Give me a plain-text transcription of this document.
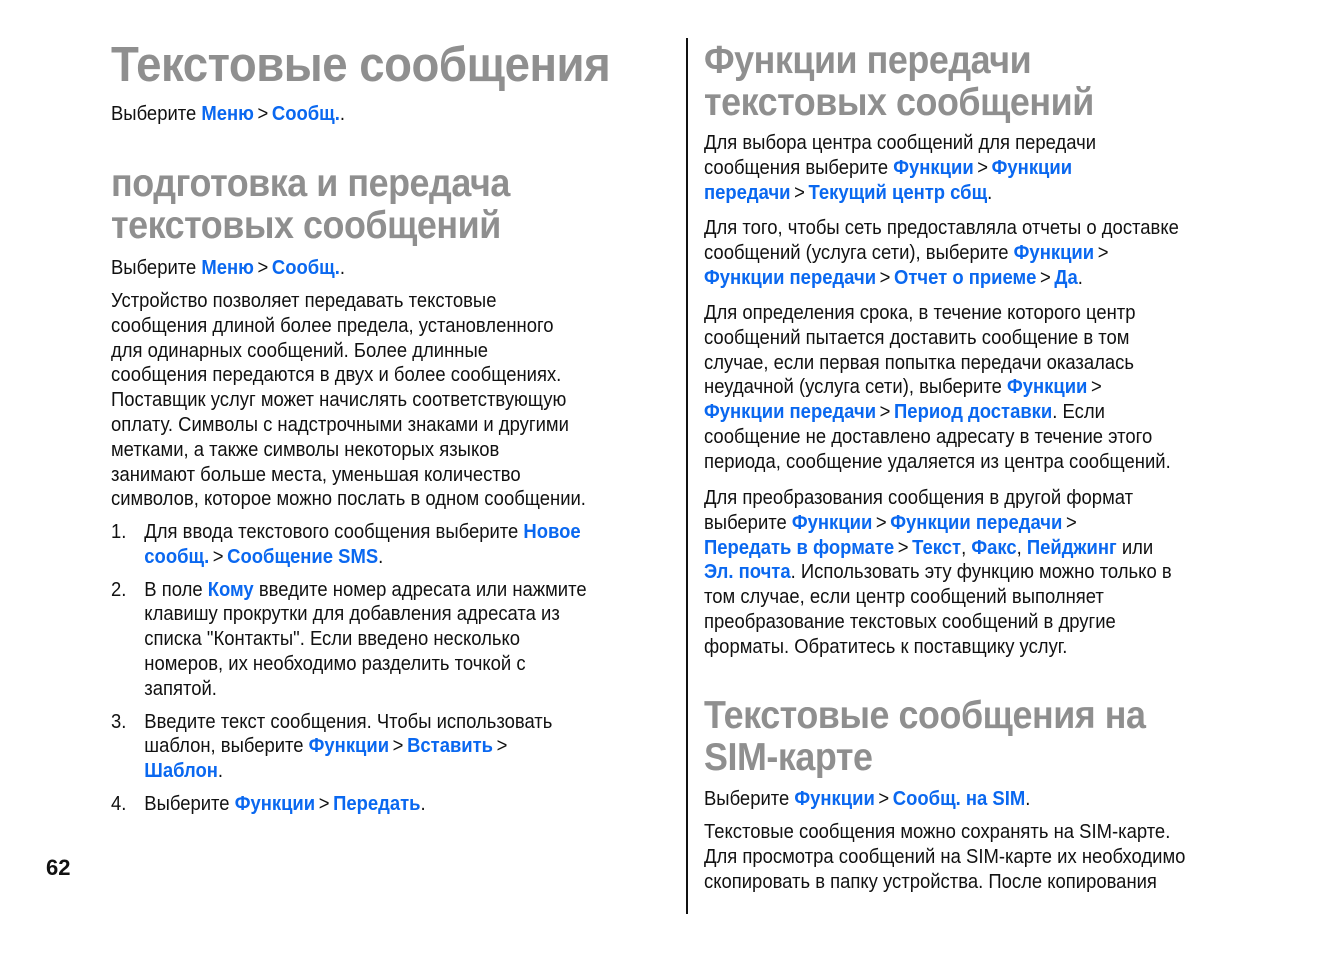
Текстовые сообщения

Выберите Меню > Сообщ..

подготовка и передача
текстовых сообщений

Выберите Меню > Сообщ..

Устройство позволяет передавать текстовые

сообщения длиной более предела, установленного

для одинарных сообщений. Более длинные

сообщения передаются в двух и более сообщениях.

Поставщик услуг может начислять соответствующую

оплату. Символы с надстрочными знаками и другими

метками, а также символы некоторых языков

занимают больше места, уменьшая количество

символов, которое можно послать в одном сообщении.

1. Для ввода текстового сообщения выберите Новое
сообщ. > Сообщение SMS.
2. В поле Кому введите номер адресата или нажмите
клавишу прокрутки для добавления адресата из
списка "Контакты". Если введено несколько
номеров, их необходимо разделить точкой с
запятой.
3. Введите текст сообщения. Чтобы использовать
шаблон, выберите Функции > Вставить >
Шаблон.
4. Выберите Функции > Передать.
Функции передачи
текстовых сообщений

Для выбора центра сообщений для передачи

сообщения выберите Функции > Функции

передачи > Текущий центр сбщ.

Для того, чтобы сеть предоставляла отчеты о доставке

сообщений (услуга сети), выберите Функции >

Функции передачи > Отчет о приеме > Да.

Для определения срока, в течение которого центр

сообщений пытается доставить сообщение в том

случае, если первая попытка передачи оказалась

неудачной (услуга сети), выберите Функции >

Функции передачи > Период доставки. Если

сообщение не доставлено адресату в течение этого

периода, сообщение удаляется из центра сообщений.

Для преобразования сообщения в другой формат

выберите Функции > Функции передачи >

Передать в формате > Текст, Факс, Пейджинг или

Эл. почта. Использовать эту функцию можно только в

том случае, если центр сообщений выполняет

преобразование текстовых сообщений в другие

форматы. Обратитесь к поставщику услуг.

Текстовые сообщения на
SIM-карте

Выберите Функции > Сообщ. на SIM.

Текстовые сообщения можно сохранять на SIM-карте.

Для просмотра сообщений на SIM-карте их необходимо

скопировать в папку устройства. После копирования

62
